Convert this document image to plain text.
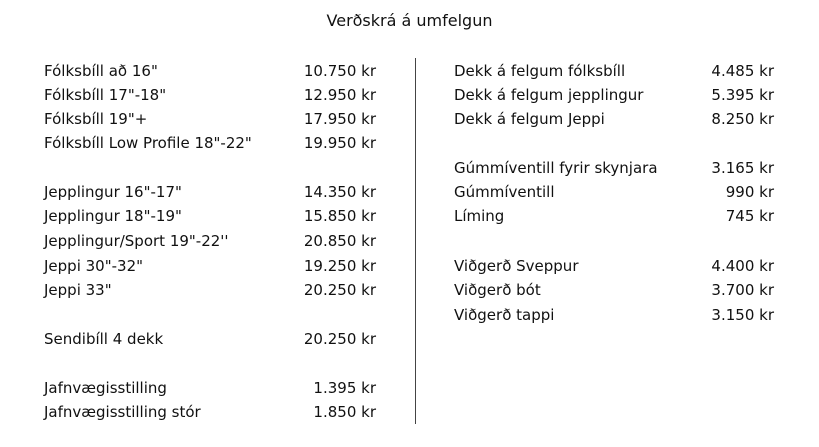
Verðskrá á umfelgun
Fólksbíll að 16"	10.750 kr
Fólksbíll 17"-18"	12.950 kr
Fólksbíll 19"+	17.950 kr
Fólksbíll Low Profile 18"-22"	19.950 kr
Jepplingur 16"-17"	14.350 kr
Jepplingur 18"-19"	15.850 kr
Jepplingur/Sport 19"-22''	20.850 kr
Jeppi 30"-32"	19.250 kr
Jeppi 33"	20.250 kr
Sendibíll 4 dekk	20.250 kr
Jafnvægisstilling	1.395 kr
Jafnvægisstilling stór	1.850 kr
Dekk á felgum fólksbíll	4.485 kr
Dekk á felgum jepplingur	5.395 kr
Dekk á felgum Jeppi	8.250 kr
Gúmmíventill fyrir skynjara	3.165 kr
Gúmmíventill	990 kr
Líming	745 kr
Viðgerð Sveppur	4.400 kr
Viðgerð bót	3.700 kr
Viðgerð tappi	3.150 kr
